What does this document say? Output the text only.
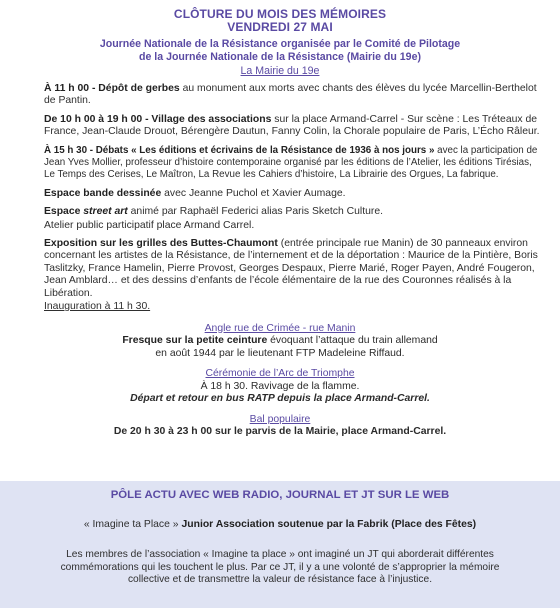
CLÔTURE DU MOIS DES MÉMOIRES
VENDREDI 27 MAI
Journée Nationale de la Résistance organisée par le Comité de Pilotage
de la Journée Nationale de la Résistance (Mairie du 19e)
La Mairie du 19e

À 11 h 00 - Dépôt de gerbes au monument aux morts avec chants des élèves du lycée Marcellin-Berthelot de Pantin.

De 10 h 00 à 19 h 00 - Village des associations sur la place Armand-Carrel - Sur scène : Les Tréteaux de France, Jean-Claude Drouot, Bérengère Dautun, Fanny Colin, la Chorale populaire de Paris, L’Écho Râleur.

À 15 h 30 - Débats « Les éditions et écrivains de la Résistance de 1936 à nos jours » avec la participation de Jean Yves Mollier, professeur d’histoire contemporaine organisé par les éditions de l’Atelier, les éditions Tirésias, Le Temps des Cerises, Le Maîtron, La Revue les Cahiers d’histoire, La Librairie des Orgues, La fabrique.

Espace bande dessinée avec Jeanne Puchol et Xavier Aumage.

Espace street art animé par Raphaël Federici alias Paris Sketch Culture.

Atelier public participatif place Armand Carrel.

Exposition sur les grilles des Buttes-Chaumont (entrée principale rue Manin) de 30 panneaux environ concernant les artistes de la Résistance, de l’internement et de la déportation : Maurice de la Pintière, Boris Taslitzky, France Hamelin, Pierre Provost, Georges Despaux, Pierre Marié, Roger Payen, André Fougeron, Jean Amblard… et des dessins d’enfants de l’école élémentaire de la rue des Couronnes réalisés à la Libération.

Inauguration à 11 h 30.

Angle rue de Crimée - rue Manin
Fresque sur la petite ceinture évoquant l’attaque du train allemand
en août 1944 par le lieutenant FTP Madeleine Riffaud.
Cérémonie de l’Arc de Triomphe
À 18 h 30. Ravivage de la flamme.
Départ et retour en bus RATP depuis la place Armand-Carrel.
Bal populaire
De 20 h 30 à 23 h 00 sur le parvis de la Mairie, place Armand-Carrel.
PÔLE ACTU AVEC WEB RADIO, JOURNAL ET JT SUR LE WEB
« Imagine ta Place » Junior Association soutenue par la Fabrik (Place des Fêtes)
Les membres de l’association « Imagine ta place » ont imaginé un JT qui aborderait différentes
commémorations qui les touchent le plus. Par ce JT, il y a une volonté de s’approprier la mémoire
collective et de transmettre la valeur de résistance face à l’injustice.
